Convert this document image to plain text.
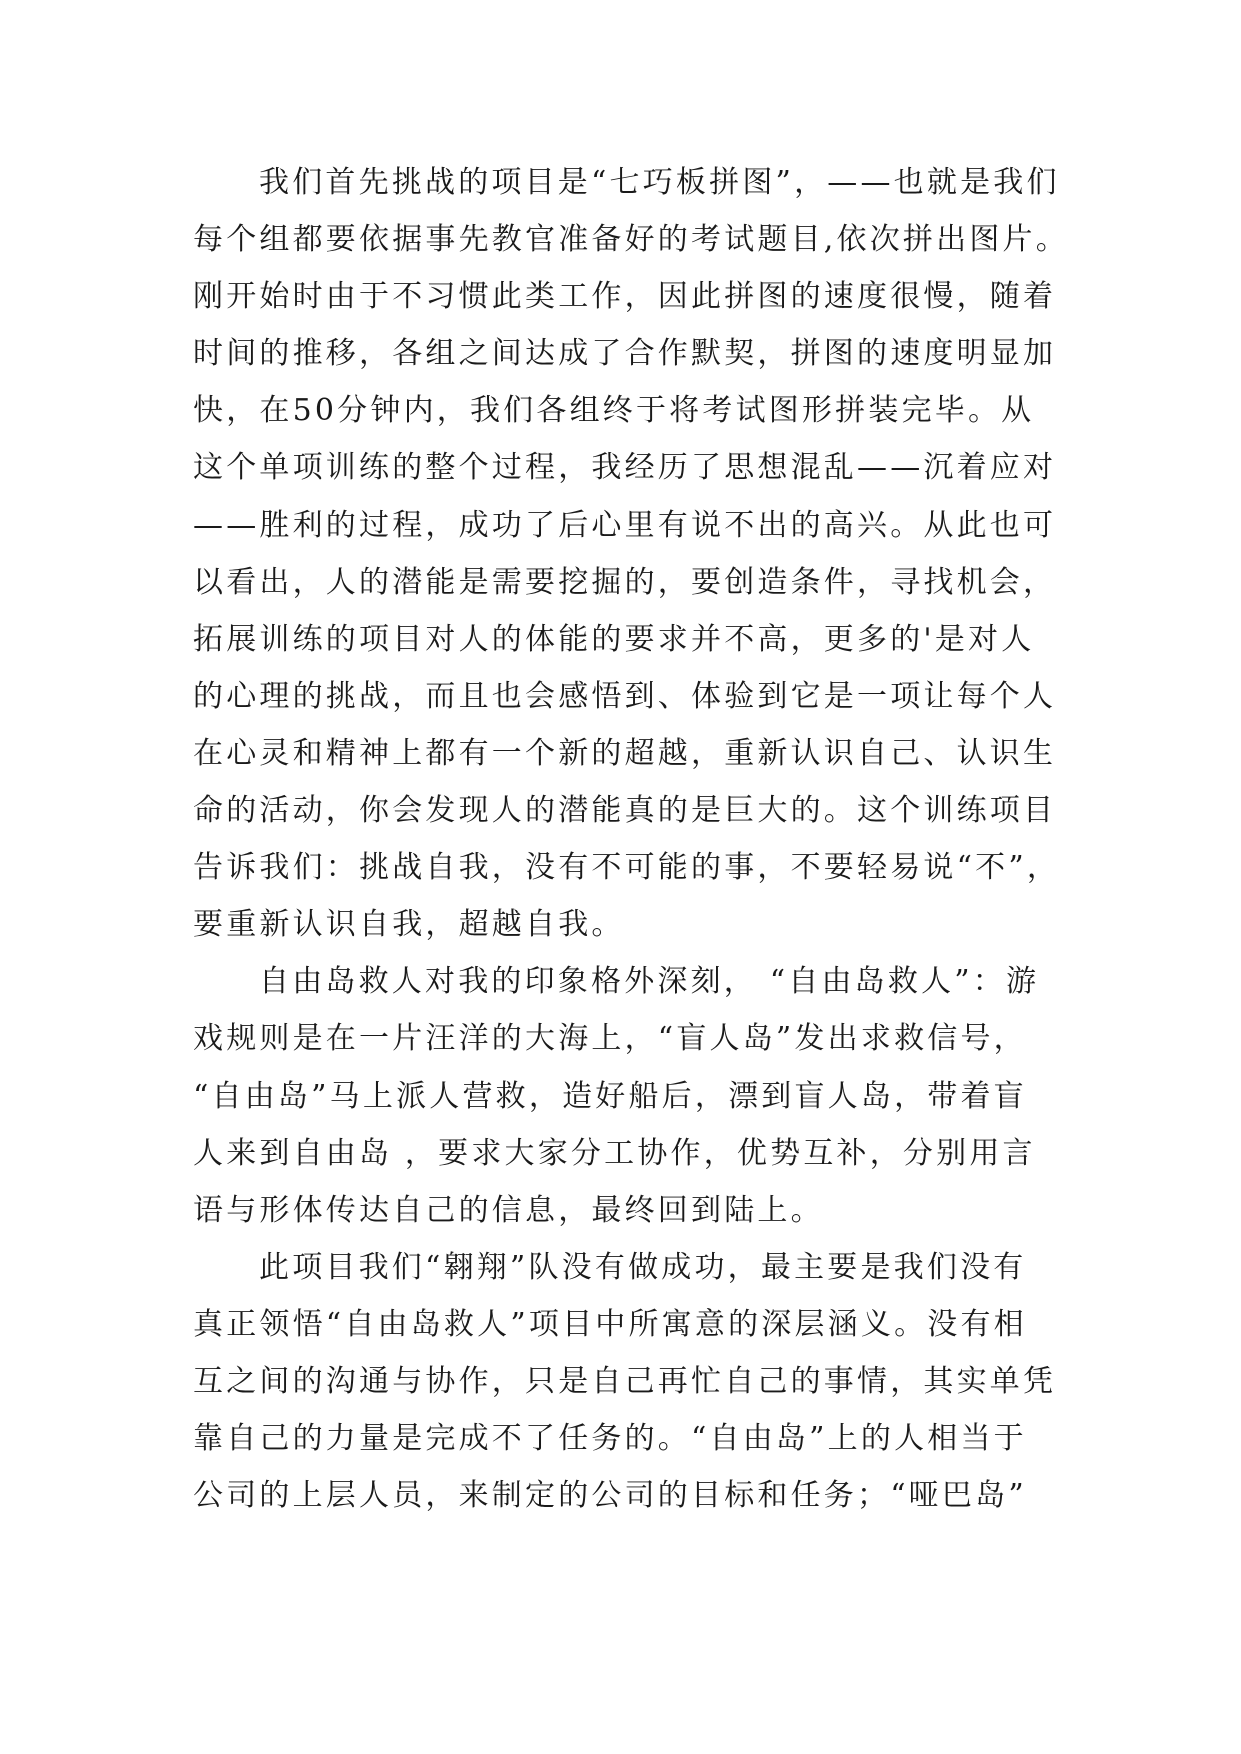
我们首先挑战的项目是“七巧板拼图”，——也就是我们
每个组都要依据事先教官准备好的考试题目,依次拼出图片。
刚开始时由于不习惯此类工作，因此拼图的速度很慢，随着
时间的推移，各组之间达成了合作默契，拼图的速度明显加
快，在50分钟内，我们各组终于将考试图形拼装完毕。从
这个单项训练的整个过程，我经历了思想混乱——沉着应对
——胜利的过程，成功了后心里有说不出的高兴。从此也可
以看出，人的潜能是需要挖掘的，要创造条件，寻找机会，
拓展训练的项目对人的体能的要求并不高，更多的'是对人
的心理的挑战，而且也会感悟到、体验到它是一项让每个人
在心灵和精神上都有一个新的超越，重新认识自己、认识生
命的活动，你会发现人的潜能真的是巨大的。这个训练项目
告诉我们：挑战自我，没有不可能的事，不要轻易说“不”，
要重新认识自我，超越自我。
自由岛救人对我的印象格外深刻， “自由岛救人”：游
戏规则是在一片汪洋的大海上，“盲人岛”发出求救信号，
“自由岛”马上派人营救，造好船后，漂到盲人岛，带着盲
人来到自由岛 ，要求大家分工协作，优势互补，分别用言
语与形体传达自己的信息，最终回到陆上。
此项目我们“翱翔”队没有做成功，最主要是我们没有
真正领悟“自由岛救人”项目中所寓意的深层涵义。没有相
互之间的沟通与协作，只是自己再忙自己的事情，其实单凭
靠自己的力量是完成不了任务的。“自由岛”上的人相当于
公司的上层人员，来制定的公司的目标和任务；“哑巴岛”
